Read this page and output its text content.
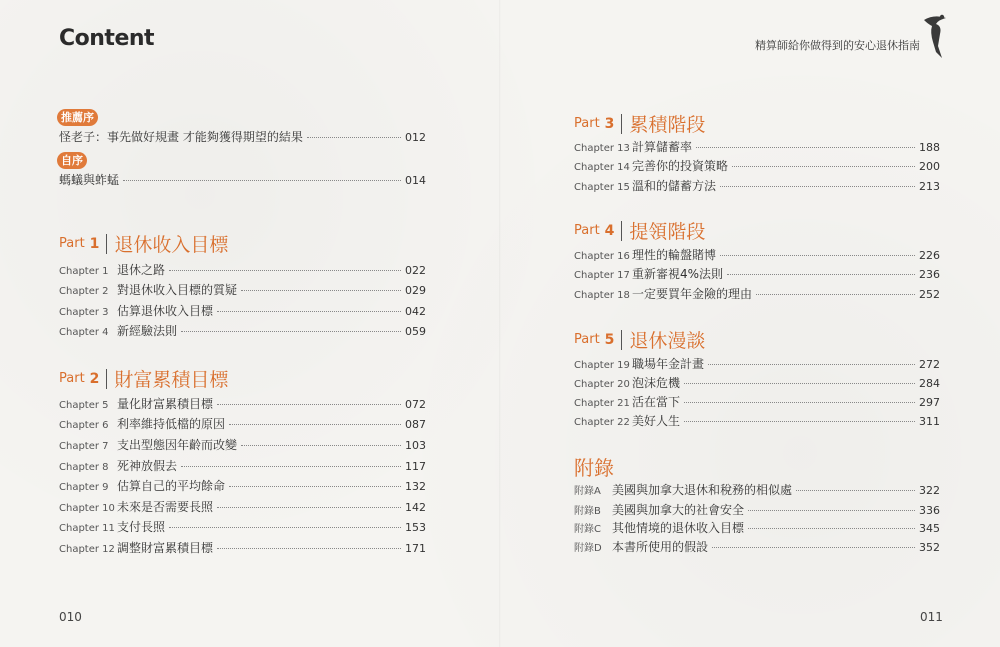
Content	精算師給你做得到的安心退休指南
推薦序
怪老子：事先做好規畫 才能夠獲得期望的結果	012
自序
螞蟻與蚱蜢	014
Part 1 退休收入目標
Chapter 1 退休之路	022
Chapter 2 對退休收入目標的質疑	029
Chapter 3 估算退休收入目標	042
Chapter 4 新經驗法則	059
Part 2 財富累積目標
Chapter 5 量化財富累積目標	072
Chapter 6 利率維持低檔的原因	087
Chapter 7 支出型態因年齡而改變	103
Chapter 8 死神放假去	117
Chapter 9 估算自己的平均餘命	132
Chapter 10 未來是否需要長照	142
Chapter 11 支付長照	153
Chapter 12 調整財富累積目標	171
Part 3 累積階段
Chapter 13 計算儲蓄率	188
Chapter 14 完善你的投資策略	200
Chapter 15 溫和的儲蓄方法	213
Part 4 提領階段
Chapter 16 理性的輪盤賭博	226
Chapter 17 重新審視4%法則	236
Chapter 18 一定要買年金險的理由	252
Part 5 退休漫談
Chapter 19 職場年金計畫	272
Chapter 20 泡沫危機	284
Chapter 21 活在當下	297
Chapter 22 美好人生	311
附錄
附錄A 美國與加拿大退休和稅務的相似處	322
附錄B 美國與加拿大的社會安全	336
附錄C 其他情境的退休收入目標	345
附錄D 本書所使用的假設	352
010	011
